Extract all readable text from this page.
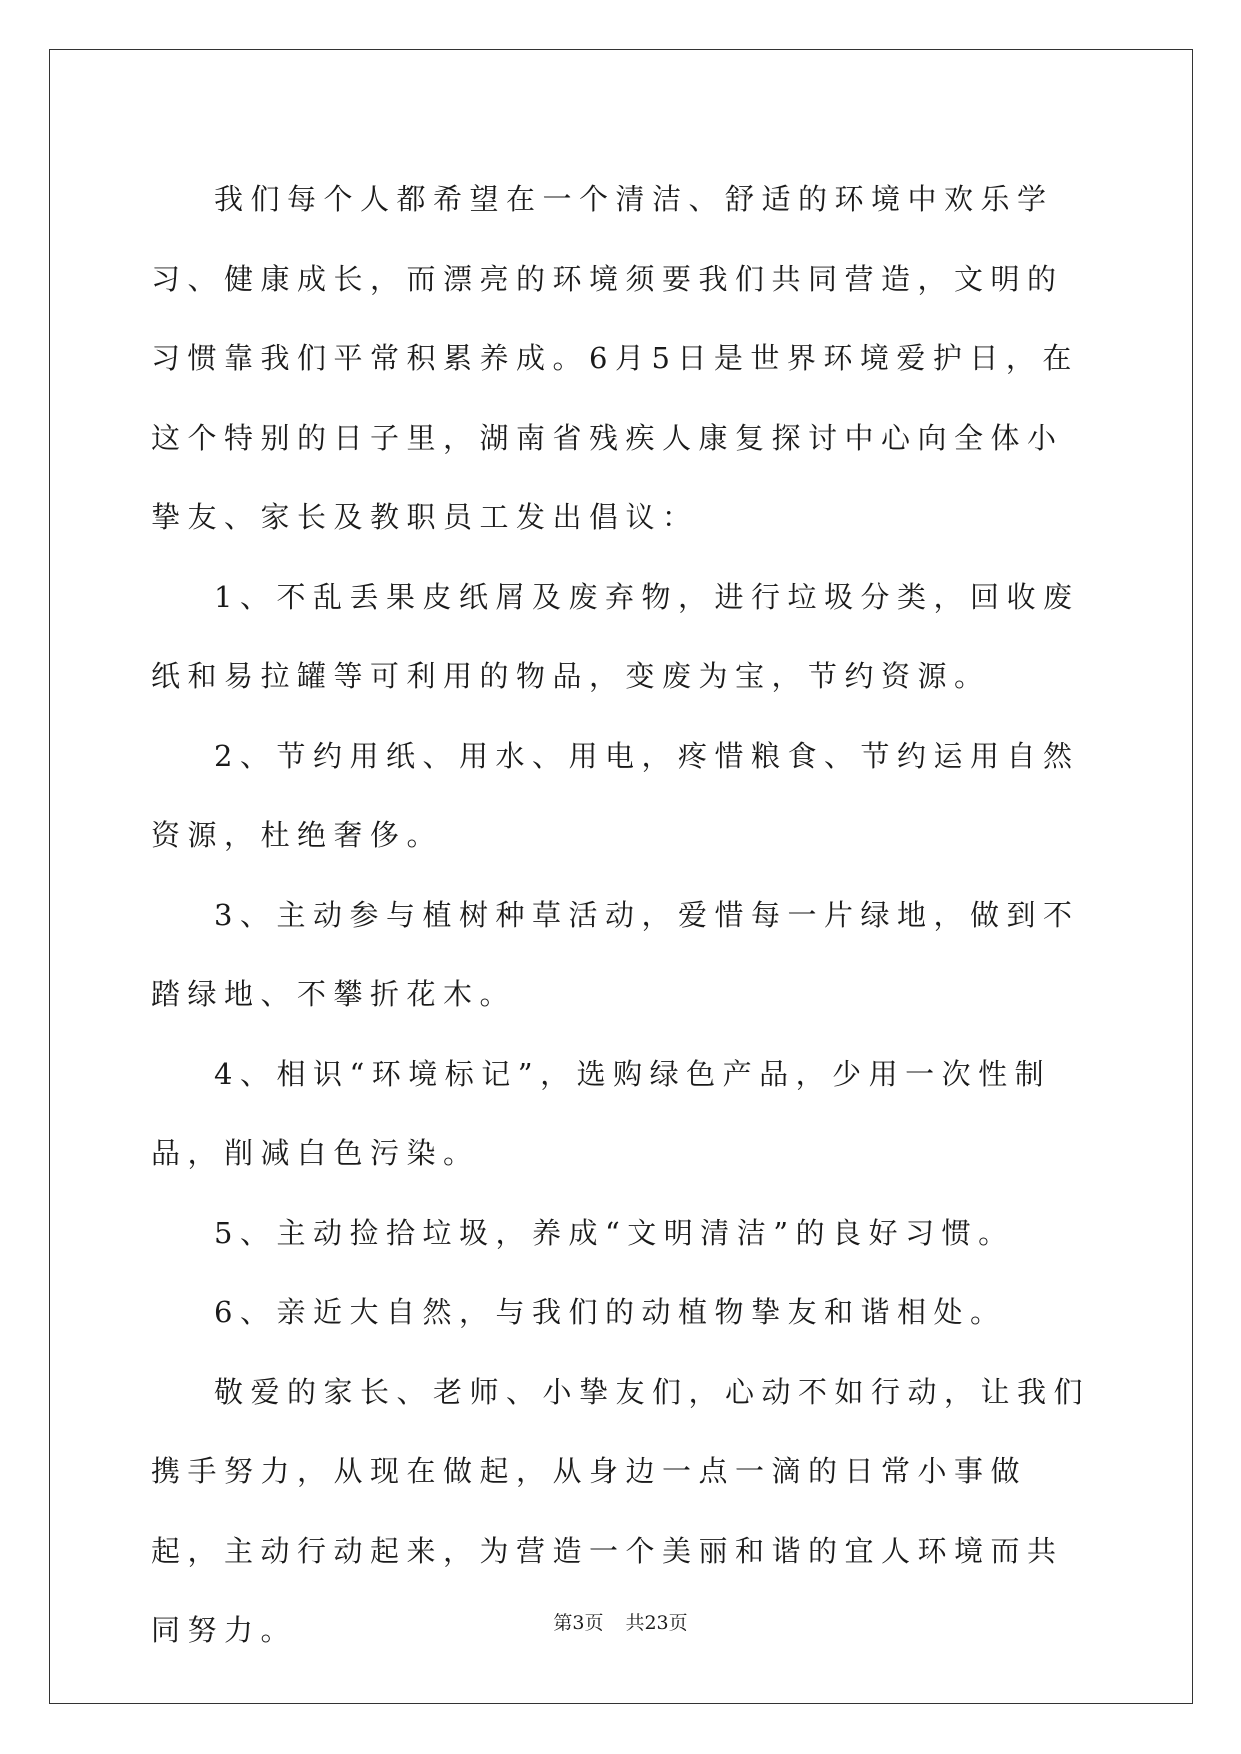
我们每个人都希望在一个清洁、舒适的环境中欢乐学习、健康成长，而漂亮的环境须要我们共同营造，文明的习惯靠我们平常积累养成。6月5日是世界环境爱护日，在这个特别的日子里，湖南省残疾人康复探讨中心向全体小挚友、家长及教职员工发出倡议：

1、不乱丢果皮纸屑及废弃物，进行垃圾分类，回收废纸和易拉罐等可利用的物品，变废为宝，节约资源。

2、节约用纸、用水、用电，疼惜粮食、节约运用自然资源，杜绝奢侈。

3、主动参与植树种草活动，爱惜每一片绿地，做到不踏绿地、不攀折花木。

4、相识“环境标记”，选购绿色产品，少用一次性制品，削减白色污染。

5、主动捡拾垃圾，养成“文明清洁”的良好习惯。

6、亲近大自然，与我们的动植物挚友和谐相处。

敬爱的家长、老师、小挚友们，心动不如行动，让我们携手努力，从现在做起，从身边一点一滴的日常小事做起，主动行动起来，为营造一个美丽和谐的宜人环境而共同努力。	第3页 共23页
